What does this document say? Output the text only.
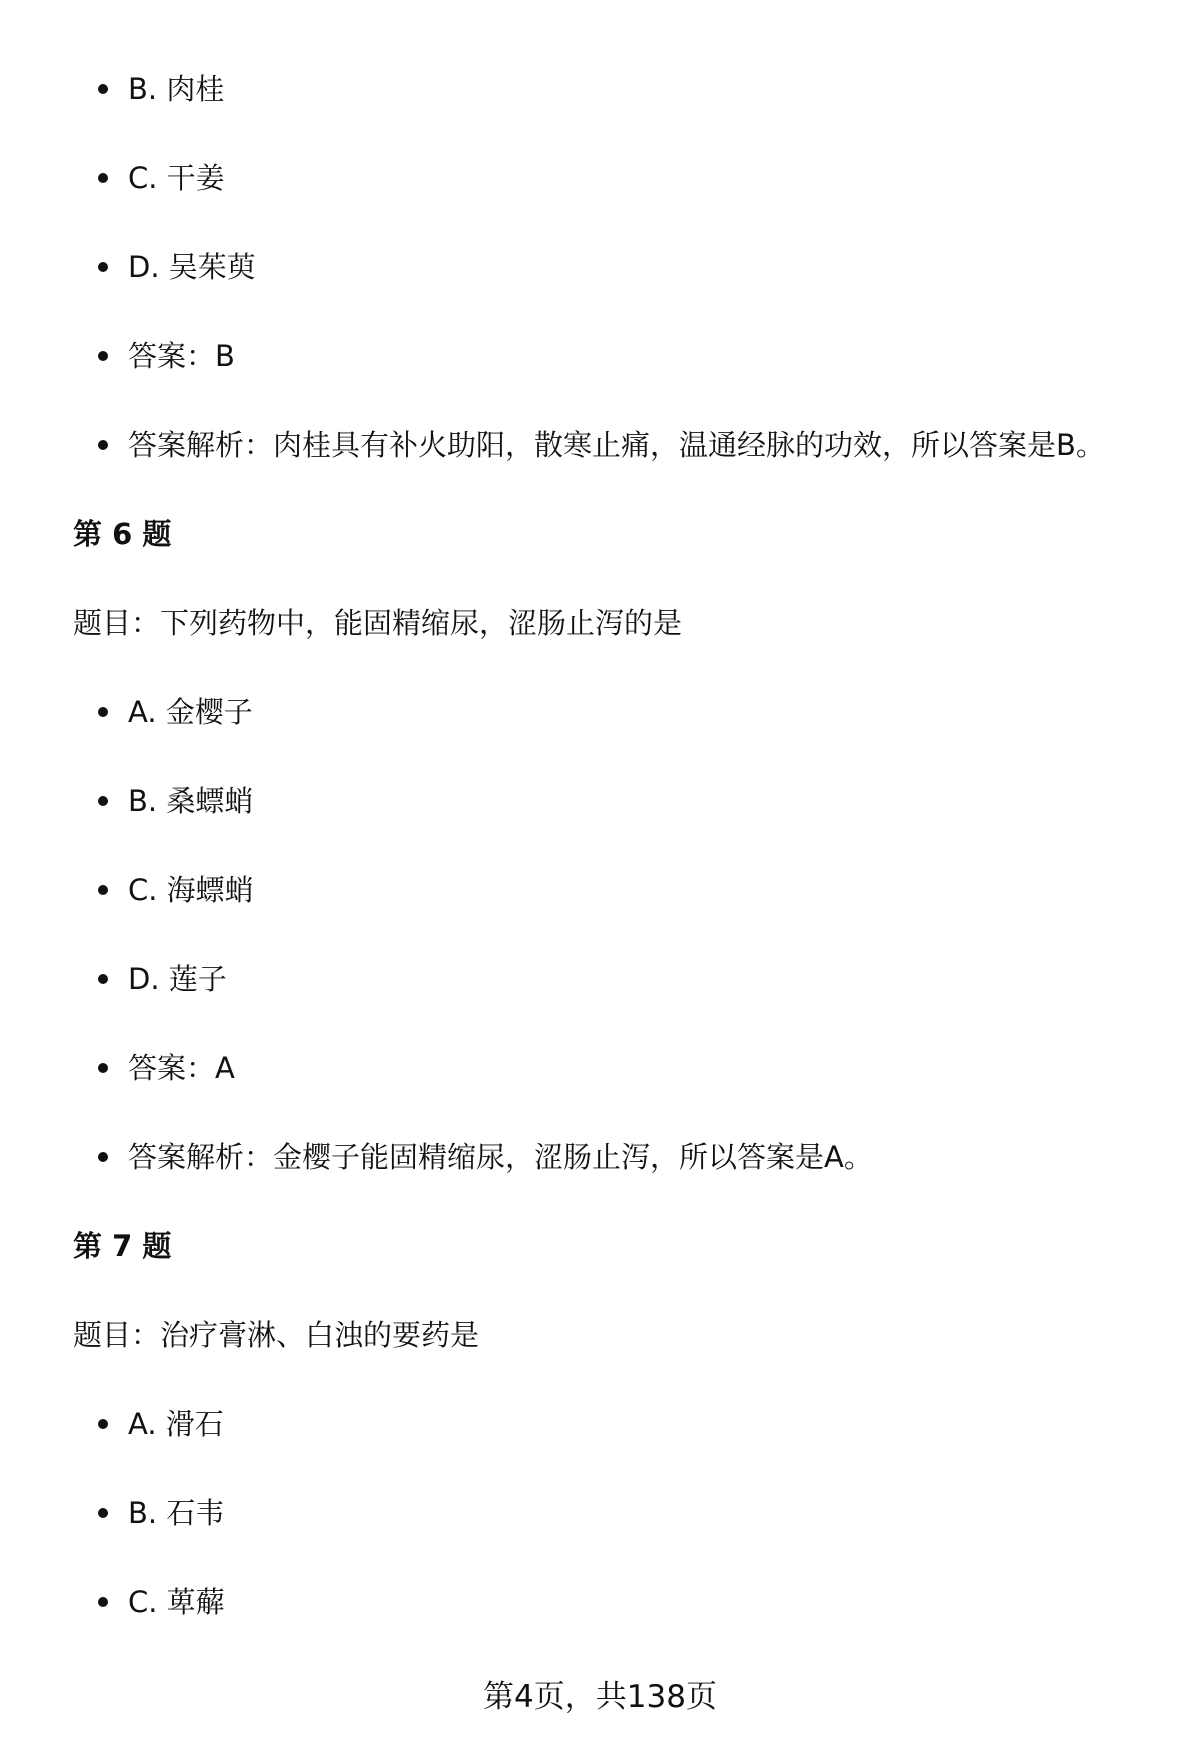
B. 肉桂
C. 干姜
D. 吴茱萸
答案：B
答案解析：肉桂具有补火助阳，散寒止痛，温通经脉的功效，所以答案是B。
第 6 题
题目：下列药物中，能固精缩尿，涩肠止泻的是
A. 金樱子
B. 桑螵蛸
C. 海螵蛸
D. 莲子
答案：A
答案解析：金樱子能固精缩尿，涩肠止泻，所以答案是A。
第 7 题
题目：治疗膏淋、白浊的要药是
A. 滑石
B. 石韦
C. 萆薢
第4页，共138页
